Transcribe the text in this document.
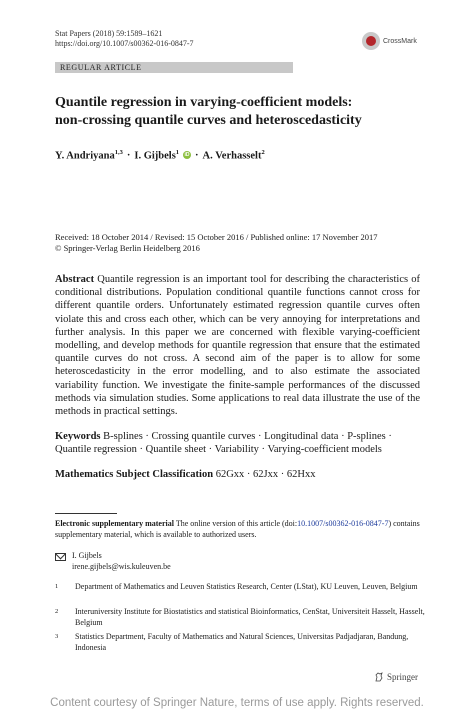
Stat Papers (2018) 59:1589–1621
https://doi.org/10.1007/s00362-016-0847-7	CrossMark
REGULAR ARTICLE
Quantile regression in varying-coefficient models:
non-crossing quantile curves and heteroscedasticity
Y. Andriyana$^{1,3}$ · I. Gijbels$^1$	iD · A. Verhasselt$^2$
Received: 18 October 2014 / Revised: 15 October 2016 / Published online: 17 November 2017
© Springer-Verlag Berlin Heidelberg 2016
Abstract Quantile regression is an important tool for describing the characteristics of conditional distributions. Population conditional quantile functions cannot cross for different quantile orders. Unfortunately estimated regression quantile curves often violate this and cross each other, which can be very annoying for interpretations and further analysis. In this paper we are concerned with flexible varying-coefficient modelling, and develop methods for quantile regression that ensure that the estimated quantile curves do not cross. A second aim of the paper is to allow for some heteroscedasticity in the error modelling, and to also estimate the associated variability function. We investigate the finite-sample performances of the discussed methods via simulation studies. Some applications to real data illustrate the use of the methods in practical settings.
Keywords B-splines · Crossing quantile curves · Longitudinal data · P-splines · Quantile regression · Quantile sheet · Variability · Varying-coefficient models
Mathematics Subject Classification 62Gxx · 62Jxx · 62Hxx
Electronic supplementary material The online version of this article (doi:10.1007/s00362-016-0847-7) contains supplementary material, which is available to authorized users.
I. Gijbels
irene.gijbels@wis.kuleuven.be
1	Department of Mathematics and Leuven Statistics Research, Center (LStat), KU Leuven, Leuven, Belgium
2	Interuniversity Institute for Biostatistics and statistical Bioinformatics, CenStat, Universiteit Hasselt, Hasselt, Belgium
3	Statistics Department, Faculty of Mathematics and Natural Sciences, Universitas Padjadjaran, Bandung, Indonesia
Springer
Content courtesy of Springer Nature, terms of use apply. Rights reserved.
